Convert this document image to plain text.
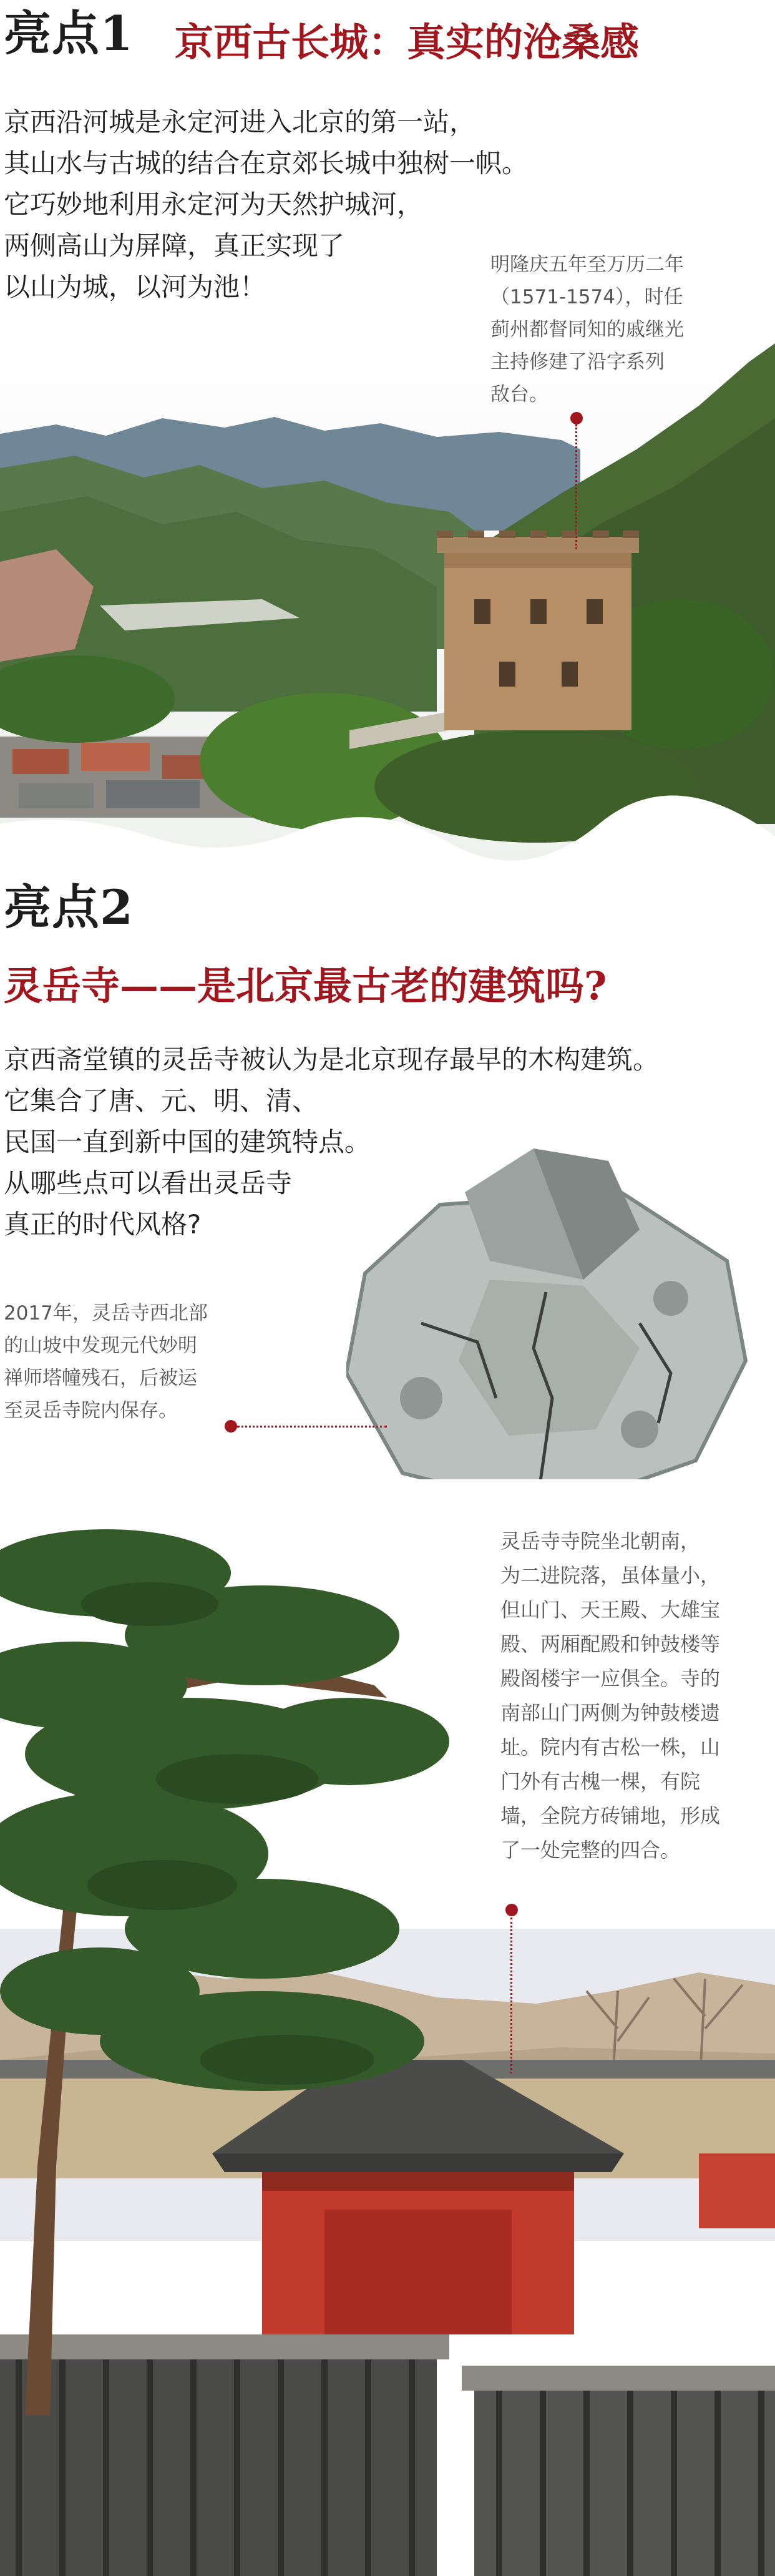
亮点1 京西古长城：真实的沧桑感
京西沿河城是永定河进入北京的第一站，
其山水与古城的结合在京郊长城中独树一帜。
它巧妙地利用永定河为天然护城河，
两侧高山为屏障，真正实现了
以山为城，以河为池！
明隆庆五年至万历二年
（1571-1574），时任
蓟州都督同知的戚继光
主持修建了沿字系列
敌台。
亮点2
灵岳寺——是北京最古老的建筑吗?
京西斋堂镇的灵岳寺被认为是北京现存最早的木构建筑。
它集合了唐、元、明、清、
民国一直到新中国的建筑特点。
从哪些点可以看出灵岳寺
真正的时代风格?
2017年，灵岳寺西北部
的山坡中发现元代妙明
禅师塔幢残石，后被运
至灵岳寺院内保存。
灵岳寺寺院坐北朝南，
为二进院落，虽体量小，
但山门、天王殿、大雄宝
殿、两厢配殿和钟鼓楼等
殿阁楼宇一应俱全。寺的
南部山门两侧为钟鼓楼遗
址。院内有古松一株，山
门外有古槐一棵，有院
墙，全院方砖铺地，形成
了一处完整的四合。
